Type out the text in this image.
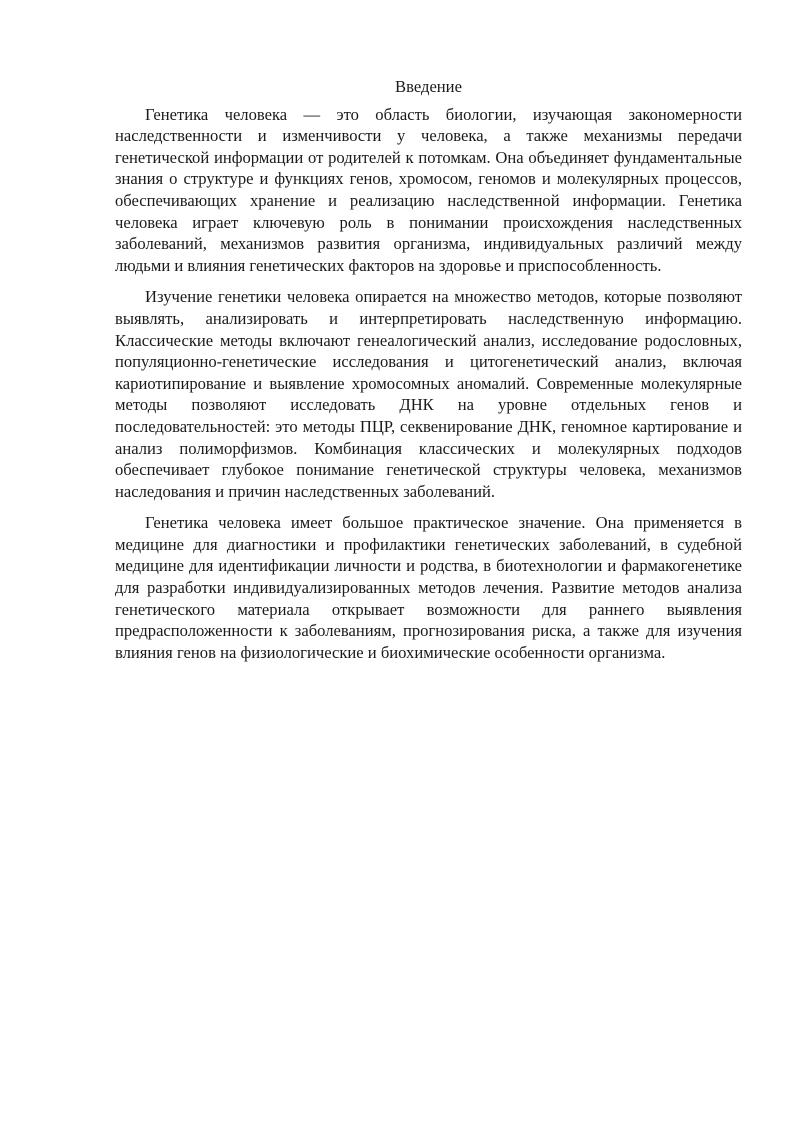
Введение

Генетика человека — это область биологии, изучающая закономерности наследственности и изменчивости у человека, а также механизмы передачи генетической информации от родителей к потомкам. Она объединяет фундаментальные знания о структуре и функциях генов, хромосом, геномов и молекулярных процессов, обеспечивающих хранение и реализацию наследственной информации. Генетика человека играет ключевую роль в понимании происхождения наследственных заболеваний, механизмов развития организма, индивидуальных различий между людьми и влияния генетических факторов на здоровье и приспособленность.

Изучение генетики человека опирается на множество методов, которые позволяют выявлять, анализировать и интерпретировать наследственную информацию. Классические методы включают генеалогический анализ, исследование родословных, популяционно-генетические исследования и цитогенетический анализ, включая кариотипирование и выявление хромосомных аномалий. Современные молекулярные методы позволяют исследовать ДНК на уровне отдельных генов и последовательностей: это методы ПЦР, секвенирование ДНК, геномное картирование и анализ полиморфизмов. Комбинация классических и молекулярных подходов обеспечивает глубокое понимание генетической структуры человека, механизмов наследования и причин наследственных заболеваний.

Генетика человека имеет большое практическое значение. Она применяется в медицине для диагностики и профилактики генетических заболеваний, в судебной медицине для идентификации личности и родства, в биотехнологии и фармакогенетике для разработки индивидуализированных методов лечения. Развитие методов анализа генетического материала открывает возможности для раннего выявления предрасположенности к заболеваниям, прогнозирования риска, а также для изучения влияния генов на физиологические и биохимические особенности организма.
